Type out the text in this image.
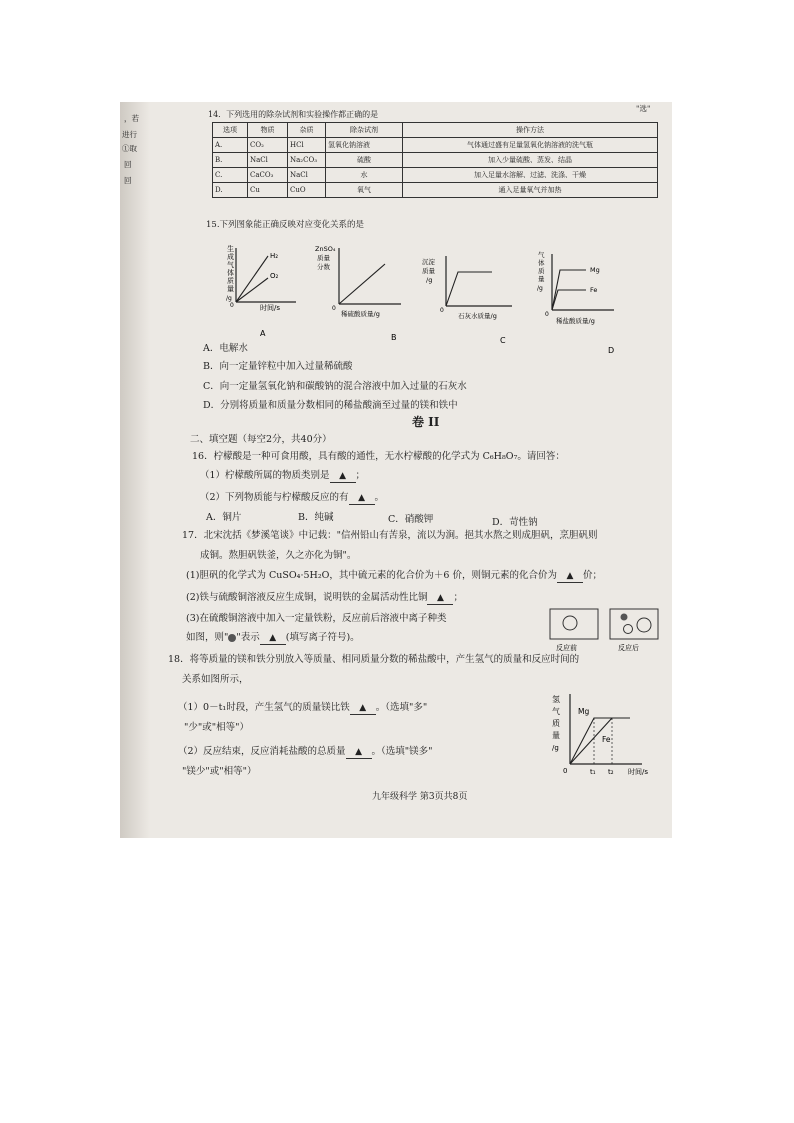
，若
进行
①取
回
回
"选"
14．下列选用的除杂试剂和实验操作都正确的是
选项	物质	杂质	除杂试剂	操作方法
A.	CO₂	HCl	氢氧化钠溶液	气体通过盛有足量氢氧化钠溶液的洗气瓶
B.	NaCl	Na₂CO₃	硫酸	加入少量硫酸、蒸发、结晶
C.	CaCO₃	NaCl	水	加入足量水溶解、过滤、洗涤、干燥
D.	Cu	CuO	氧气	通入足量氧气并加热
15.下列图象能正确反映对应变化关系的是
生
成
气
体
质
量
/g
H₂
O₂
0	时间/s
A
ZnSO₄
质量
分数
0
稀硫酸质量/g
B
沉淀
质量
/g
0
石灰水质量/g
C
气
体
质
量
/g
Mg
Fe
0
稀盐酸质量/g
D
A．电解水
B．向一定量锌粒中加入过量稀硫酸
C．向一定量氢氧化钠和碳酸钠的混合溶液中加入过量的石灰水
D．分别将质量和质量分数相同的稀盐酸滴至过量的镁和铁中
卷 II
二、填空题（每空2分，共40分）
16．柠檬酸是一种可食用酸，具有酸的通性，无水柠檬酸的化学式为 C₆H₈O₇。请回答：
（1）柠檬酸所属的物质类别是 ▲ ；
（2）下列物质能与柠檬酸反应的有 ▲ 。
A．铜片	B．纯碱	C．硝酸钾	D．苛性钠
17．北宋沈括《梦溪笔谈》中记载："信州铅山有苦泉，流以为涧。挹其水熬之则成胆矾，烹胆矾则
成铜。熬胆矾铁釜，久之亦化为铜"。
(1)胆矾的化学式为 CuSO₄·5H₂O，其中硫元素的化合价为＋6 价，则铜元素的化合价为 ▲ 价；
(2)铁与硫酸铜溶液反应生成铜，说明铁的金属活动性比铜 ▲ ；
(3)在硫酸铜溶液中加入一定量铁粉，反应前后溶液中离子种类
如图，则" "表示 ▲ (填写离子符号)。
反应前	反应后
18．将等质量的镁和铁分别放入等质量、相同质量分数的稀盐酸中，产生氢气的质量和反应时间的
关系如图所示，
（1）0－t₁时段，产生氢气的质量镁比铁 ▲ 。（选填"多"
"少"或"相等"）
（2）反应结束，反应消耗盐酸的总质量 ▲ 。（选填"镁多"
"镁少"或"相等"）
氢
气
质
量
/g
Mg
Fe
0	t₁ t₂ 时间/s
九年级科学 第3页共8页
